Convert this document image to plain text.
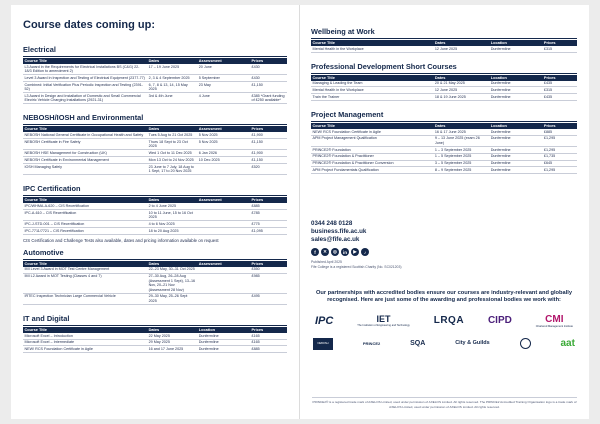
Course dates coming up:
Electrical
Course Title	Dates	Assessment	Prices
L3 Award in the Requirements for Electrical Installations BS (C&G) 22-18/3 Edition to amendment 2)	17 – 19 June 2025	20 June	£430
Level 3 Award in Inspection and Testing of Electrical Equipment (2377-77)	2, 3 & 4 September 2025	5 September	£430
Combined: Initial Verification Plus Periodic Inspection and Testing (2391-52)	6, 7, 8 & 13, 14, 15 May 2025	23 May	£1,150
L3 Award in Design and Installation of Domestic and Small Commercial Electric Vehicle Charging Installations (2921-31)	3rd & 4th June	4 June	£385 *Grant funding of £250 available*
NEBOSH/IOSH and Environmental
Course Title	Dates	Assessment	Prices
NEBOSH National General Certificate in Occupational Health and Safety	Tues 5 Aug to 21 Oct 2025	5 Nov 2025	£1,900
NEBOSH Certificate in Fire Safety	Thurs 18 Sept to 23 Oct 2025	5 Nov 2025	£1,150
NEBOSH HSE Management for Construction (UK)	Wed 1 Oct to 11 Dec 2025	6 Jan 2026	£1,900
NEBOSH Certificate in Environmental Management	Mon 13 Oct to 24 Nov 2025	10 Dec 2025	£1,150
IOSH Managing Safely	23 June to 7 July, 18 Aug to 1 Sept, 17 to 20 Nov 2025		£520
IPC Certification
Course Title	Dates	Assessment	Prices
IPC/WHMA-A-620 – CIS Recertification	2 to 4 June 2025		£885
IPC-A-610 – CIS Recertification	10 to 11 June, 15 to 16 Oct 2025		£785
IPC-J-STD-001 – CIS Recertification	4 to 6 Nov 2025		£775
IPC-7711/7721 – CIS Recertification	18 to 20 Aug 2025		£1,095
CIS Certification and Challenge Tests also available, dates and pricing information available on request
Automotive
Course Title	Dates	Assessment	Prices
IMI Level 3 Award in MOT Test Centre Management	22–23 May, 30–31 Oct 2025		£550
IMI L2 Award in MOT Testing (Classes 4 and 7)	27–30 Aug, 26–28 Aug (Assessment 1 Sept), 13–16 Nov, 20–21 Nov (Assessment 28 Nov)		£985
IRTEC Inspection Technician Large Commercial Vehicle	29–30 May, 25–26 Sept 2025		£495
IT and Digital
Course Title	Dates	Location	Prices
Microsoft Excel – Introduction	22 May 2025	Dunfermline	£165
Microsoft Excel – Intermediate	29 May 2025	Dunfermline	£165
NEW! RCS Foundation Certificate in Agile	16 and 17 June 2025	Dunfermline	£885
Wellbeing at Work
Course Title	Dates	Location	Prices
Mental Health in the Workplace	12 June 2025	Dunfermline	£315
Professional Development Short Courses
Course Title	Dates	Location	Prices
Managing & Leading the Team	20 & 21 May 2025	Dunfermline	£435
Mental Health in the Workplace	12 June 2025	Dunfermline	£315
Train the Trainer	18 & 19 June 2025	Dunfermline	£435
Project Management
Course Title	Dates	Location	Prices
NEW! RCS Foundation Certificate in Agile	16 & 17 June 2025	Dunfermline	£885
APM Project Management Qualification	9 – 13 June 2025 (exam 26 June)	Dunfermline	£1,295
PRINCE2® Foundation	1 – 3 September 2025	Dunfermline	£1,295
PRINCE2® Foundation & Practitioner	1 – 5 September 2025	Dunfermline	£1,735
PRINCE2® Foundation & Practitioner Conversion	3 – 5 September 2025	Dunfermline	£645
APM Project Fundamentals Qualification	8 – 9 September 2025	Dunfermline	£1,295
0344 248 0128
business.fife.ac.uk
sales@fife.ac.uk
f	✕	◎	in	▶	♪
Published April 2025
Fife College is a registered Scottish Charity (No. SC021203)
Our partnerships with accredited bodies ensure our courses are industry-relevant and globally recognised. Here are just some of the awarding and professional bodies we work with:
IPC	IET
The Institution of Engineering and Technology LRQA CIPD	CMI
Chartered Management Institute
NEBOSH	PRINCE2	SQA	City & Guilds	aat
PRINCE2® is a registered trade mark of AXELOS Limited, used under permission of AXELOS Limited. All rights reserved. The PRINCE2 Accredited Training Organisation logo is a trade mark of AXELOS Limited, used under permission of AXELOS Limited. All rights reserved.
